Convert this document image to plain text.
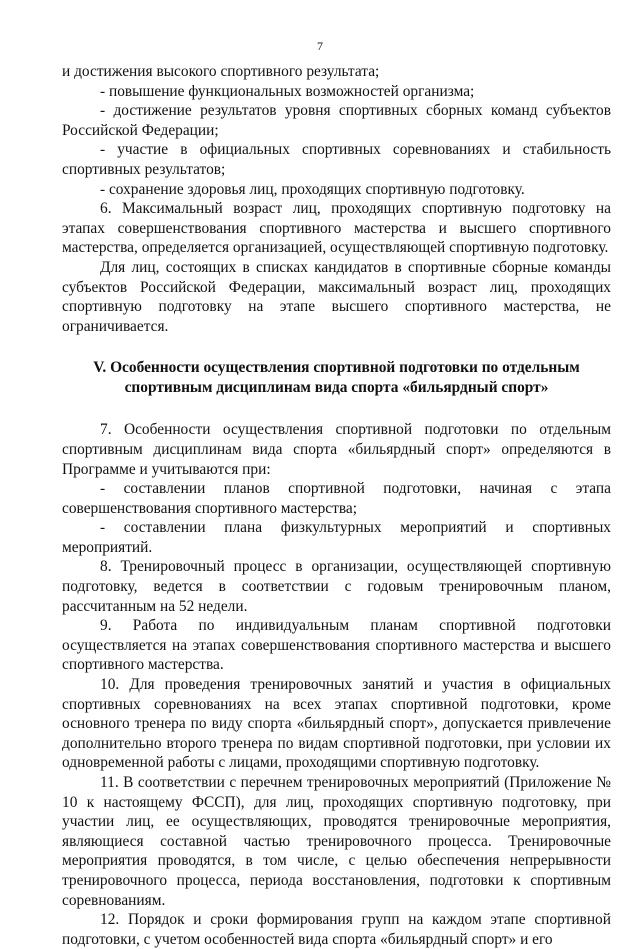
7

и достижения высокого спортивного результата;

- повышение функциональных возможностей организма;

- достижение результатов уровня спортивных сборных команд субъектов Российской Федерации;

- участие в официальных спортивных соревнованиях и стабильность спортивных результатов;

- сохранение здоровья лиц, проходящих спортивную подготовку.

6. Максимальный возраст лиц, проходящих спортивную подготовку на этапах совершенствования спортивного мастерства и высшего спортивного мастерства, определяется организацией, осуществляющей спортивную подготовку.

Для лиц, состоящих в списках кандидатов в спортивные сборные команды субъектов Российской Федерации, максимальный возраст лиц, проходящих спортивную подготовку на этапе высшего спортивного мастерства, не ограничивается.

V. Особенности осуществления спортивной подготовки по отдельным
спортивным дисциплинам вида спорта «бильярдный спорт»

7. Особенности осуществления спортивной подготовки по отдельным спортивным дисциплинам вида спорта «бильярдный спорт» определяются в Программе и учитываются при:

- составлении планов спортивной подготовки, начиная с этапа совершенствования спортивного мастерства;

- составлении плана физкультурных мероприятий и спортивных мероприятий.

8. Тренировочный процесс в организации, осуществляющей спортивную подготовку, ведется в соответствии с годовым тренировочным планом, рассчитанным на 52 недели.

9. Работа по индивидуальным планам спортивной подготовки осуществляется на этапах совершенствования спортивного мастерства и высшего спортивного мастерства.

10. Для проведения тренировочных занятий и участия в официальных спортивных соревнованиях на всех этапах спортивной подготовки, кроме основного тренера по виду спорта «бильярдный спорт», допускается привлечение дополнительно второго тренера по видам спортивной подготовки, при условии их одновременной работы с лицами, проходящими спортивную подготовку.

11. В соответствии с перечнем тренировочных мероприятий (Приложение № 10 к настоящему ФССП), для лиц, проходящих спортивную подготовку, при участии лиц, ее осуществляющих, проводятся тренировочные мероприятия, являющиеся составной частью тренировочного процесса. Тренировочные мероприятия проводятся, в том числе, с целью обеспечения непрерывности тренировочного процесса, периода восстановления, подготовки к спортивным соревнованиям.

12. Порядок и сроки формирования групп на каждом этапе спортивной подготовки, с учетом особенностей вида спорта «бильярдный спорт» и его
